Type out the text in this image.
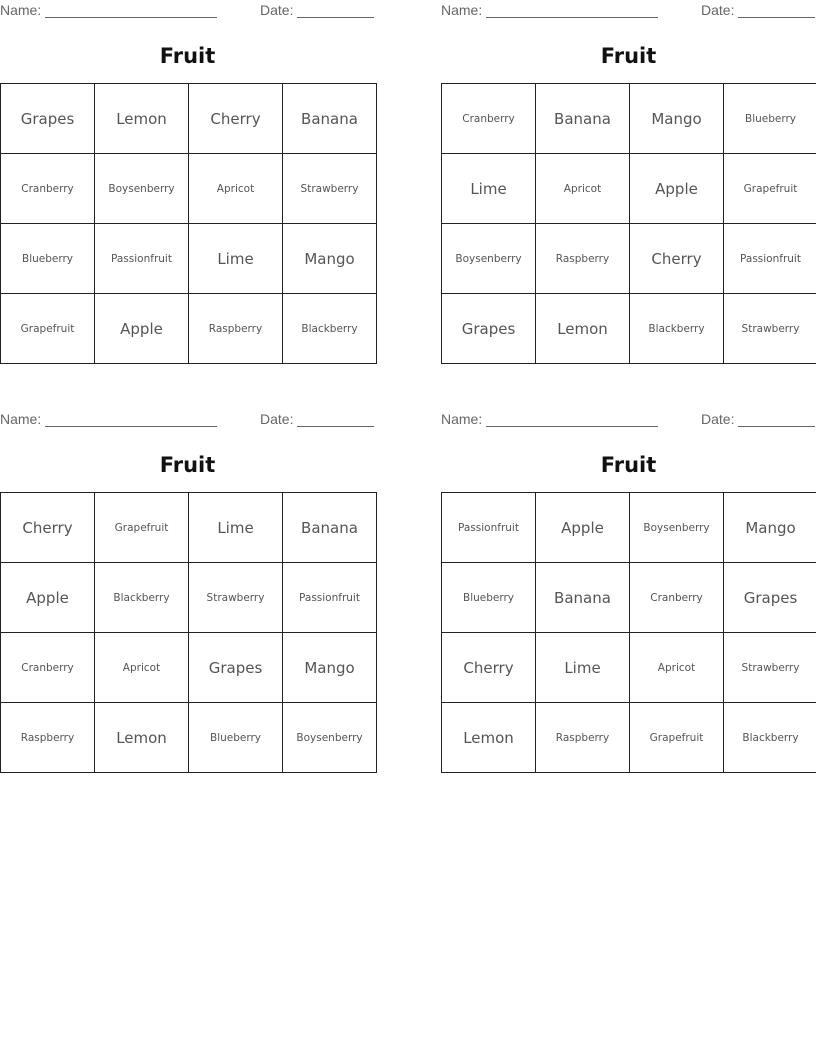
Name:	Date:
Fruit
Grapes	Lemon	Cherry	Banana
Cranberry	Boysenberry	Apricot	Strawberry
Blueberry	Passionfruit	Lime	Mango
Grapefruit	Apple	Raspberry	Blackberry
Name:	Date:
Fruit
Cranberry	Banana	Mango	Blueberry
Lime	Apricot	Apple	Grapefruit
Boysenberry	Raspberry	Cherry	Passionfruit
Grapes	Lemon	Blackberry	Strawberry
Name:	Date:
Fruit
Cherry	Grapefruit	Lime	Banana
Apple	Blackberry	Strawberry	Passionfruit
Cranberry	Apricot	Grapes	Mango
Raspberry	Lemon	Blueberry	Boysenberry
Name:	Date:
Fruit
Passionfruit	Apple	Boysenberry	Mango
Blueberry	Banana	Cranberry	Grapes
Cherry	Lime	Apricot	Strawberry
Lemon	Raspberry	Grapefruit	Blackberry
